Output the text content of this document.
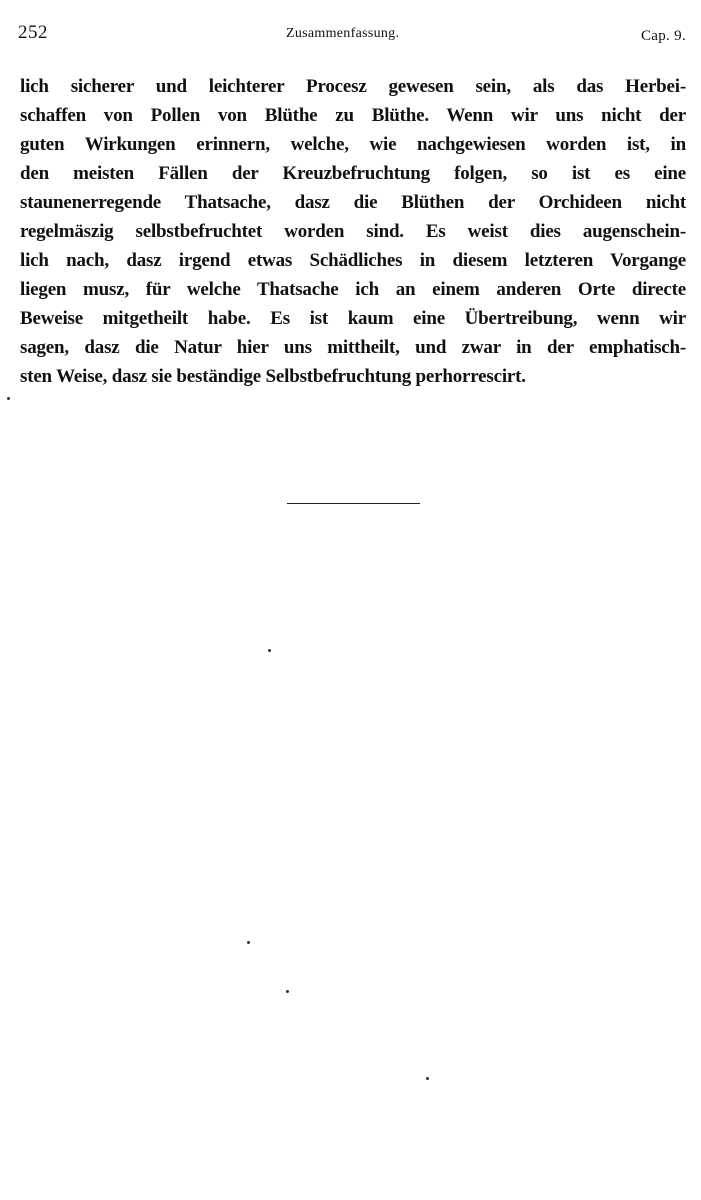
252	Zusammenfassung.	Cap. 9.
lich sicherer und leichterer Procesz gewesen sein, als das Herbei-
schaffen von Pollen von Blüthe zu Blüthe. Wenn wir uns nicht der
guten Wirkungen erinnern, welche, wie nachgewiesen worden ist, in
den meisten Fällen der Kreuzbefruchtung folgen, so ist es eine
staunenerregende Thatsache, dasz die Blüthen der Orchideen nicht
regelmäszig selbstbefruchtet worden sind. Es weist dies augenschein-
lich nach, dasz irgend etwas Schädliches in diesem letzteren Vorgange
liegen musz, für welche Thatsache ich an einem anderen Orte directe
Beweise mitgetheilt habe. Es ist kaum eine Übertreibung, wenn wir
sagen, dasz die Natur hier uns mittheilt, und zwar in der emphatisch-
sten Weise, dasz sie beständige Selbstbefruchtung perhorrescirt.
